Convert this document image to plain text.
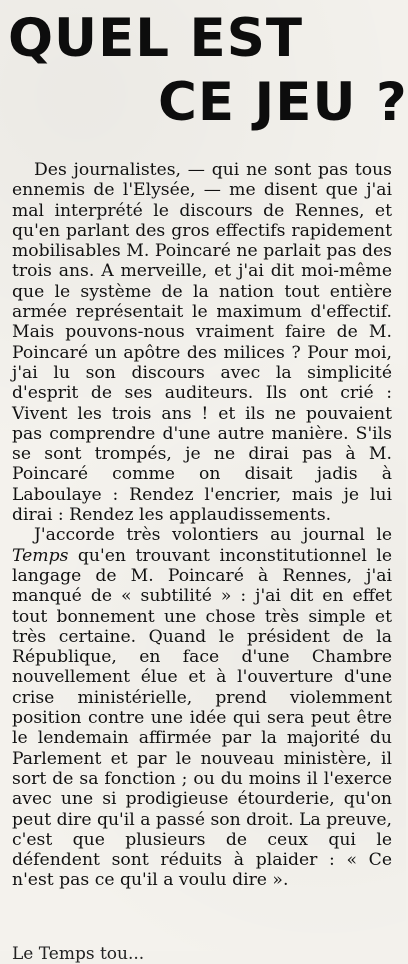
QUEL EST
CE JEU ?

Des journalistes, — qui ne sont pas tous ennemis de l'Elysée, — me disent que j'ai mal interprété le discours de Rennes, et qu'en parlant des gros effectifs rapidement mobilisables M. Poincaré ne parlait pas des trois ans. A merveille, et j'ai dit moi-même que le système de la nation tout entière armée représentait le maximum d'effectif. Mais pouvons-nous vraiment faire de M. Poincaré un apôtre des milices ? Pour moi, j'ai lu son discours avec la simplicité d'esprit de ses auditeurs. Ils ont crié : Vivent les trois ans ! et ils ne pouvaient pas comprendre d'une autre manière. S'ils se sont trompés, je ne dirai pas à M. Poincaré comme on disait jadis à Laboulaye : Rendez l'encrier, mais je lui dirai : Rendez les applaudissements.

J'accorde très volontiers au journal le Temps qu'en trouvant inconstitutionnel le langage de M. Poincaré à Rennes, j'ai manqué de « subtilité » : j'ai dit en effet tout bonnement une chose très simple et très certaine. Quand le président de la République, en face d'une Chambre nouvellement élue et à l'ouverture d'une crise ministérielle, prend violemment position contre une idée qui sera peut être le lendemain affirmée par la majorité du Parlement et par le nouveau ministère, il sort de sa fonction ; ou du moins il l'exerce avec une si prodigieuse étourderie, qu'on peut dire qu'il a passé son droit. La preuve, c'est que plusieurs de ceux qui le défendent sont réduits à plaider : « Ce n'est pas ce qu'il a voulu dire ».

Le Temps tou...
